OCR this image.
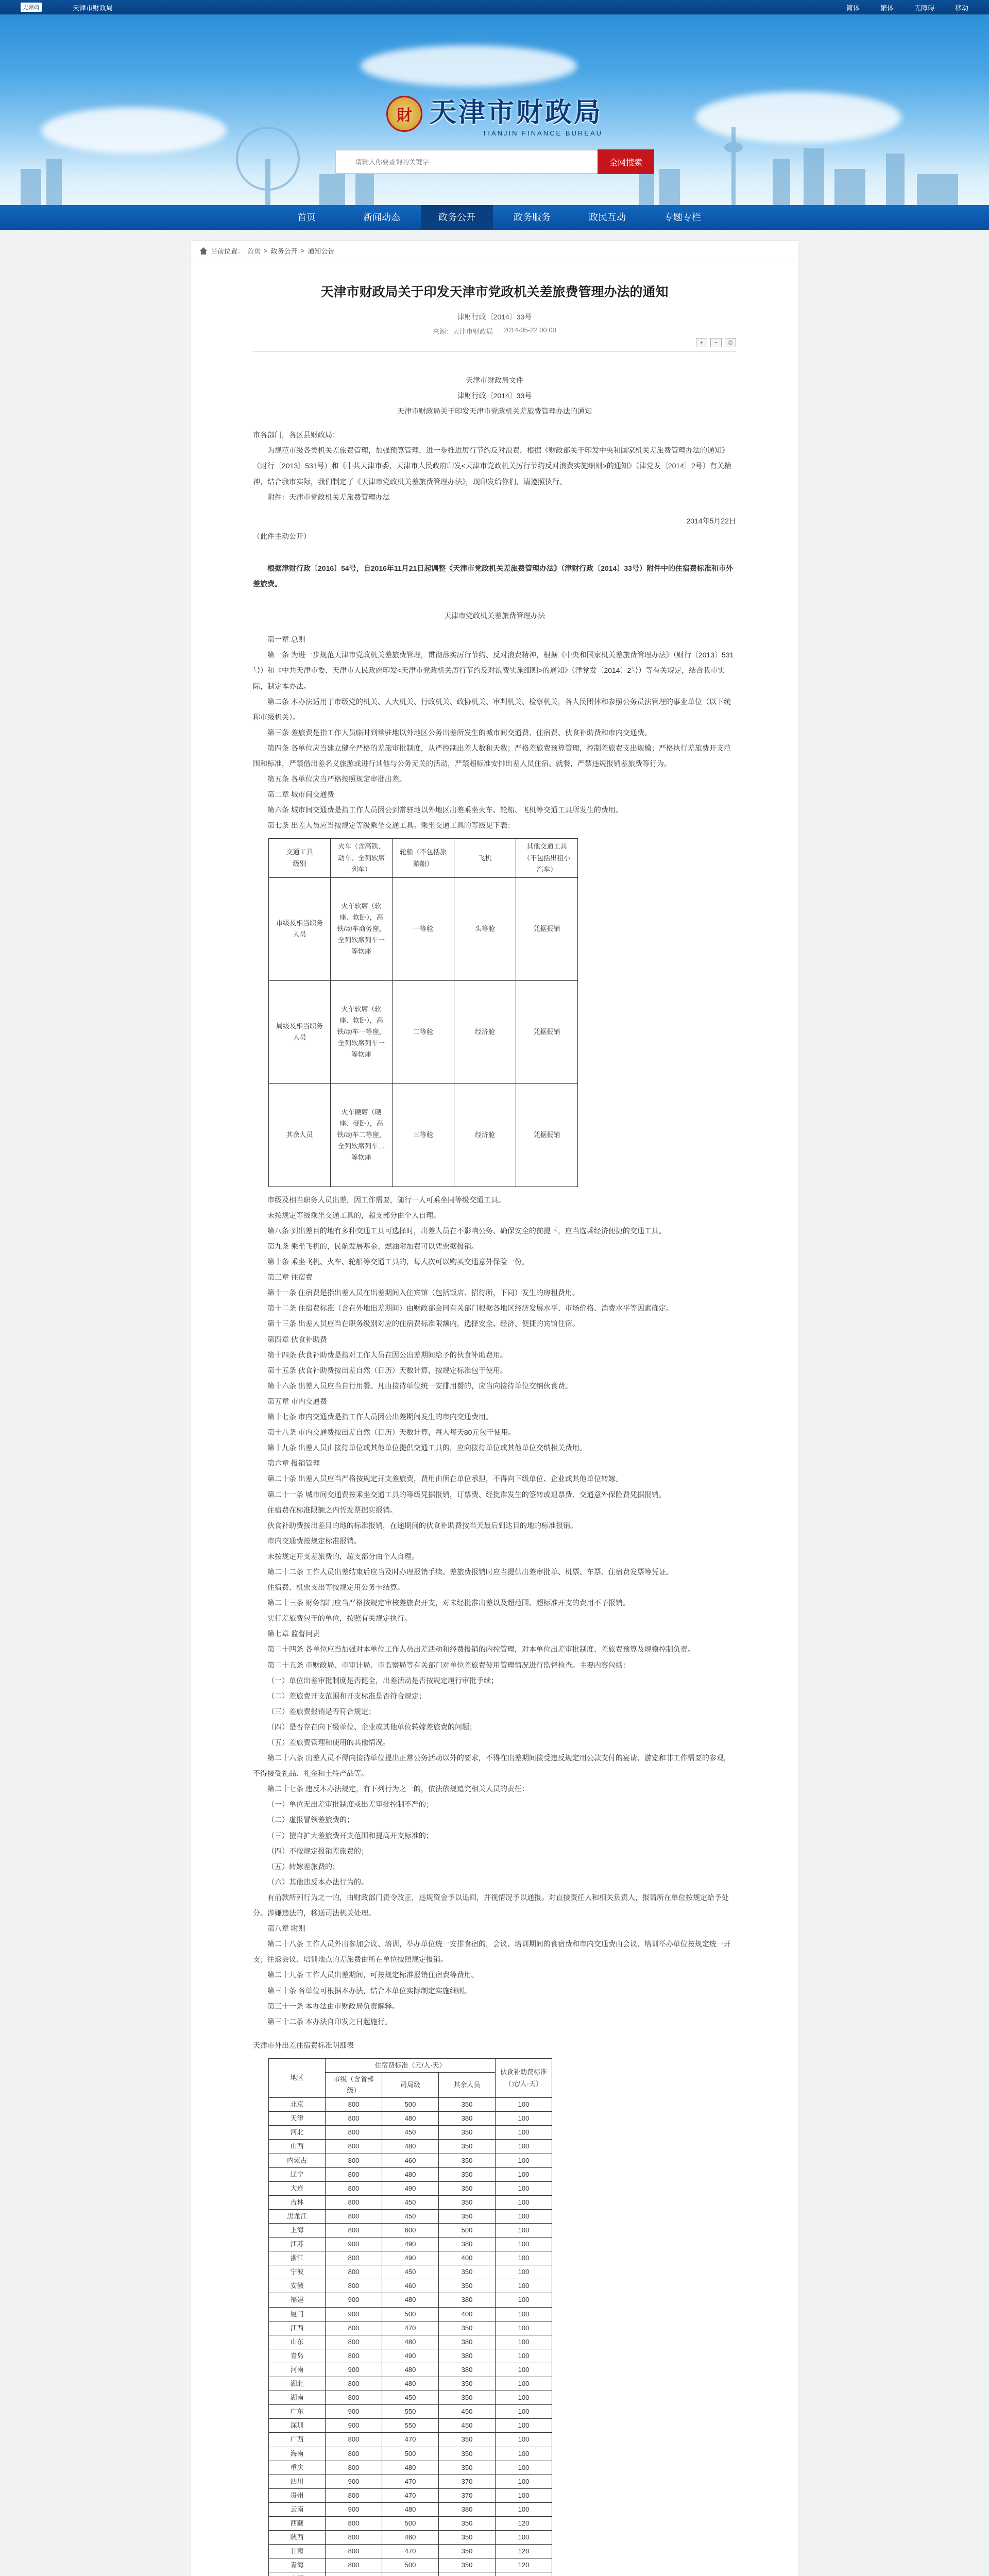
无障碍	天津市财政局	简体	繁体	无障碍	移动
財 天津市财政局
TIANJIN FINANCE BUREAU
请输入你要查询的关键字
全网搜索
首页	新闻动态	政务公开	政务服务	政民互动	专题专栏
当前位置： 首页 > 政务公开 > 通知公告
天津市财政局关于印发天津市党政机关差旅费管理办法的通知
津财行政〔2014〕33号
来源：天津市财政局 2014-05-22 00:00
+	−	⎙

天津市财政局文件

津财行政〔2014〕33号

天津市财政局关于印发天津市党政机关差旅费管理办法的通知

市各部门，各区县财政局：

为规范市级各类机关差旅费管理，加强预算管理，进一步推进厉行节约反对浪费，根据《财政部关于印发中央和国家机关差旅费管理办法的通知》（财行〔2013〕531号）和《中共天津市委、天津市人民政府印发<天津市党政机关厉行节约反对浪费实施细则>的通知》（津党发〔2014〕2号）有关精神，结合我市实际，我们制定了《天津市党政机关差旅费管理办法》，现印发给你们，请遵照执行。

附件：天津市党政机关差旅费管理办法

2014年5月22日

（此件主动公开）

根据津财行政〔2016〕54号，自2016年11月21日起调整《天津市党政机关差旅费管理办法》（津财行政〔2014〕33号）附件中的住宿费标准和市外差旅费。

天津市党政机关差旅费管理办法

第一章 总则

第一条 为进一步规范天津市党政机关差旅费管理，贯彻落实厉行节约、反对浪费精神，根据《中央和国家机关差旅费管理办法》（财行〔2013〕531号）和《中共天津市委、天津市人民政府印发<天津市党政机关厉行节约反对浪费实施细则>的通知》（津党发〔2014〕2号）等有关规定，结合我市实际，制定本办法。

第二条 本办法适用于市级党的机关、人大机关、行政机关、政协机关、审判机关、检察机关，各人民团体和参照公务员法管理的事业单位（以下统称市级机关）。

第三条 差旅费是指工作人员临时到常驻地以外地区公务出差所发生的城市间交通费、住宿费、伙食补助费和市内交通费。

第四条 各单位应当建立健全严格的差旅审批制度，从严控制出差人数和天数；严格差旅费预算管理，控制差旅费支出规模；严格执行差旅费开支范围和标准，严禁借出差名义旅游或进行其他与公务无关的活动，严禁超标准安排出差人员住宿、就餐，严禁违规报销差旅费等行为。

第五条 各单位应当严格按照规定审批出差。

第二章 城市间交通费

第六条 城市间交通费是指工作人员因公到常驻地以外地区出差乘坐火车、轮船、飞机等交通工具所发生的费用。

第七条 出差人员应当按规定等级乘坐交通工具。乘坐交通工具的等级见下表：

交通工具
级别	火车（含高铁、动车、全列软席列车）	轮船（不包括旅游船）	飞机	其他交通工具（不包括出租小汽车）
市级及相当职务人员	火车软席（软座、软卧），高铁/动车商务座，全列软席列车一等软座	一等舱	头等舱	凭据报销
局级及相当职务人员	火车软席（软座、软卧），高铁/动车一等座，全列软席列车一等软座	二等舱	经济舱	凭据报销
其余人员	火车硬席（硬座、硬卧），高铁/动车二等座，全列软席列车二等软座	三等舱	经济舱	凭据报销

市级及相当职务人员出差，因工作需要，随行一人可乘坐同等级交通工具。

未按规定等级乘坐交通工具的，超支部分由个人自理。

第八条 到出差目的地有多种交通工具可选择时，出差人员在不影响公务、确保安全的前提下，应当选乘经济便捷的交通工具。

第九条 乘坐飞机的，民航发展基金、燃油附加费可以凭票据报销。

第十条 乘坐飞机、火车、轮船等交通工具的，每人次可以购买交通意外保险一份。

第三章 住宿费

第十一条 住宿费是指出差人员在出差期间入住宾馆（包括饭店、招待所，下同）发生的房租费用。

第十二条 住宿费标准（含在外地出差期间）由财政部会同有关部门根据各地区经济发展水平、市场价格、消费水平等因素确定。

第十三条 出差人员应当在职务级别对应的住宿费标准限额内，选择安全、经济、便捷的宾馆住宿。

第四章 伙食补助费

第十四条 伙食补助费是指对工作人员在因公出差期间给予的伙食补助费用。

第十五条 伙食补助费按出差自然（日历）天数计算，按规定标准包干使用。

第十六条 出差人员应当自行用餐。凡由接待单位统一安排用餐的，应当向接待单位交纳伙食费。

第五章 市内交通费

第十七条 市内交通费是指工作人员因公出差期间发生的市内交通费用。

第十八条 市内交通费按出差自然（日历）天数计算，每人每天80元包干使用。

第十九条 出差人员由接待单位或其他单位提供交通工具的，应向接待单位或其他单位交纳相关费用。

第六章 报销管理

第二十条 出差人员应当严格按规定开支差旅费，费用由所在单位承担，不得向下级单位、企业或其他单位转嫁。

第二十一条 城市间交通费按乘坐交通工具的等级凭据报销，订票费、经批准发生的签转或退票费、交通意外保险费凭据报销。

住宿费在标准限额之内凭发票据实报销。

伙食补助费按出差目的地的标准报销，在途期间的伙食补助费按当天最后到达目的地的标准报销。

市内交通费按规定标准报销。

未按规定开支差旅费的，超支部分由个人自理。

第二十二条 工作人员出差结束后应当及时办理报销手续。差旅费报销时应当提供出差审批单、机票、车票、住宿费发票等凭证。

住宿费、机票支出等按规定用公务卡结算。

第二十三条 财务部门应当严格按规定审核差旅费开支，对未经批准出差以及超范围、超标准开支的费用不予报销。

实行差旅费包干的单位，按照有关规定执行。

第七章 监督问责

第二十四条 各单位应当加强对本单位工作人员出差活动和经费报销的内控管理，对本单位出差审批制度、差旅费预算及规模控制负责。

第二十五条 市财政局、市审计局、市监察局等有关部门对单位差旅费使用管理情况进行监督检查。主要内容包括：

（一）单位出差审批制度是否健全，出差活动是否按规定履行审批手续；

（二）差旅费开支范围和开支标准是否符合规定；

（三）差旅费报销是否符合规定；

（四）是否存在向下级单位、企业或其他单位转嫁差旅费的问题；

（五）差旅费管理和使用的其他情况。

第二十六条 出差人员不得向接待单位提出正常公务活动以外的要求，不得在出差期间接受违反规定用公款支付的宴请、游览和非工作需要的参观，不得接受礼品、礼金和土特产品等。

第二十七条 违反本办法规定，有下列行为之一的，依法依规追究相关人员的责任：

（一）单位无出差审批制度或出差审批控制不严的；

（二）虚报冒领差旅费的；

（三）擅自扩大差旅费开支范围和提高开支标准的；

（四）不按规定报销差旅费的；

（五）转嫁差旅费的；

（六）其他违反本办法行为的。

有前款所列行为之一的，由财政部门责令改正，违规资金予以追回，并视情况予以通报。对直接责任人和相关负责人，报请所在单位按规定给予处分。涉嫌违法的，移送司法机关处理。

第八章 附则

第二十八条 工作人员外出参加会议、培训，举办单位统一安排食宿的，会议、培训期间的食宿费和市内交通费由会议、培训举办单位按规定统一开支；往返会议、培训地点的差旅费由所在单位按照规定报销。

第二十九条 工作人员出差期间，可按规定标准报销住宿费等费用。

第三十条 各单位可根据本办法，结合本单位实际制定实施细则。

第三十一条 本办法由市财政局负责解释。

第三十二条 本办法自印发之日起施行。

天津市外出差住宿费标准明细表

地区	住宿费标准（元/人·天）			伙食补助费标准（元/人·天）
	市级（含省部级）	司局级	其余人员	
北京	800	500	350	100
天津	800	480	380	100
河北	800	450	350	100
山西	800	480	350	100
内蒙古	800	460	350	100
辽宁	800	480	350	100
大连	800	490	350	100
吉林	800	450	350	100
黑龙江	800	450	350	100
上海	800	600	500	100
江苏	900	490	380	100
浙江	800	490	400	100
宁波	800	450	350	100
安徽	800	460	350	100
福建	900	480	380	100
厦门	900	500	400	100
江西	800	470	350	100
山东	800	480	380	100
青岛	800	490	380	100
河南	900	480	380	100
湖北	800	480	350	100
湖南	800	450	350	100
广东	900	550	450	100
深圳	900	550	450	100
广西	800	470	350	100
海南	800	500	350	100
重庆	800	480	350	100
四川	900	470	370	100
贵州	800	470	370	100
云南	900	480	380	100
西藏	800	500	350	120
陕西	800	460	350	100
甘肃	800	470	350	120
青海	800	500	350	120
